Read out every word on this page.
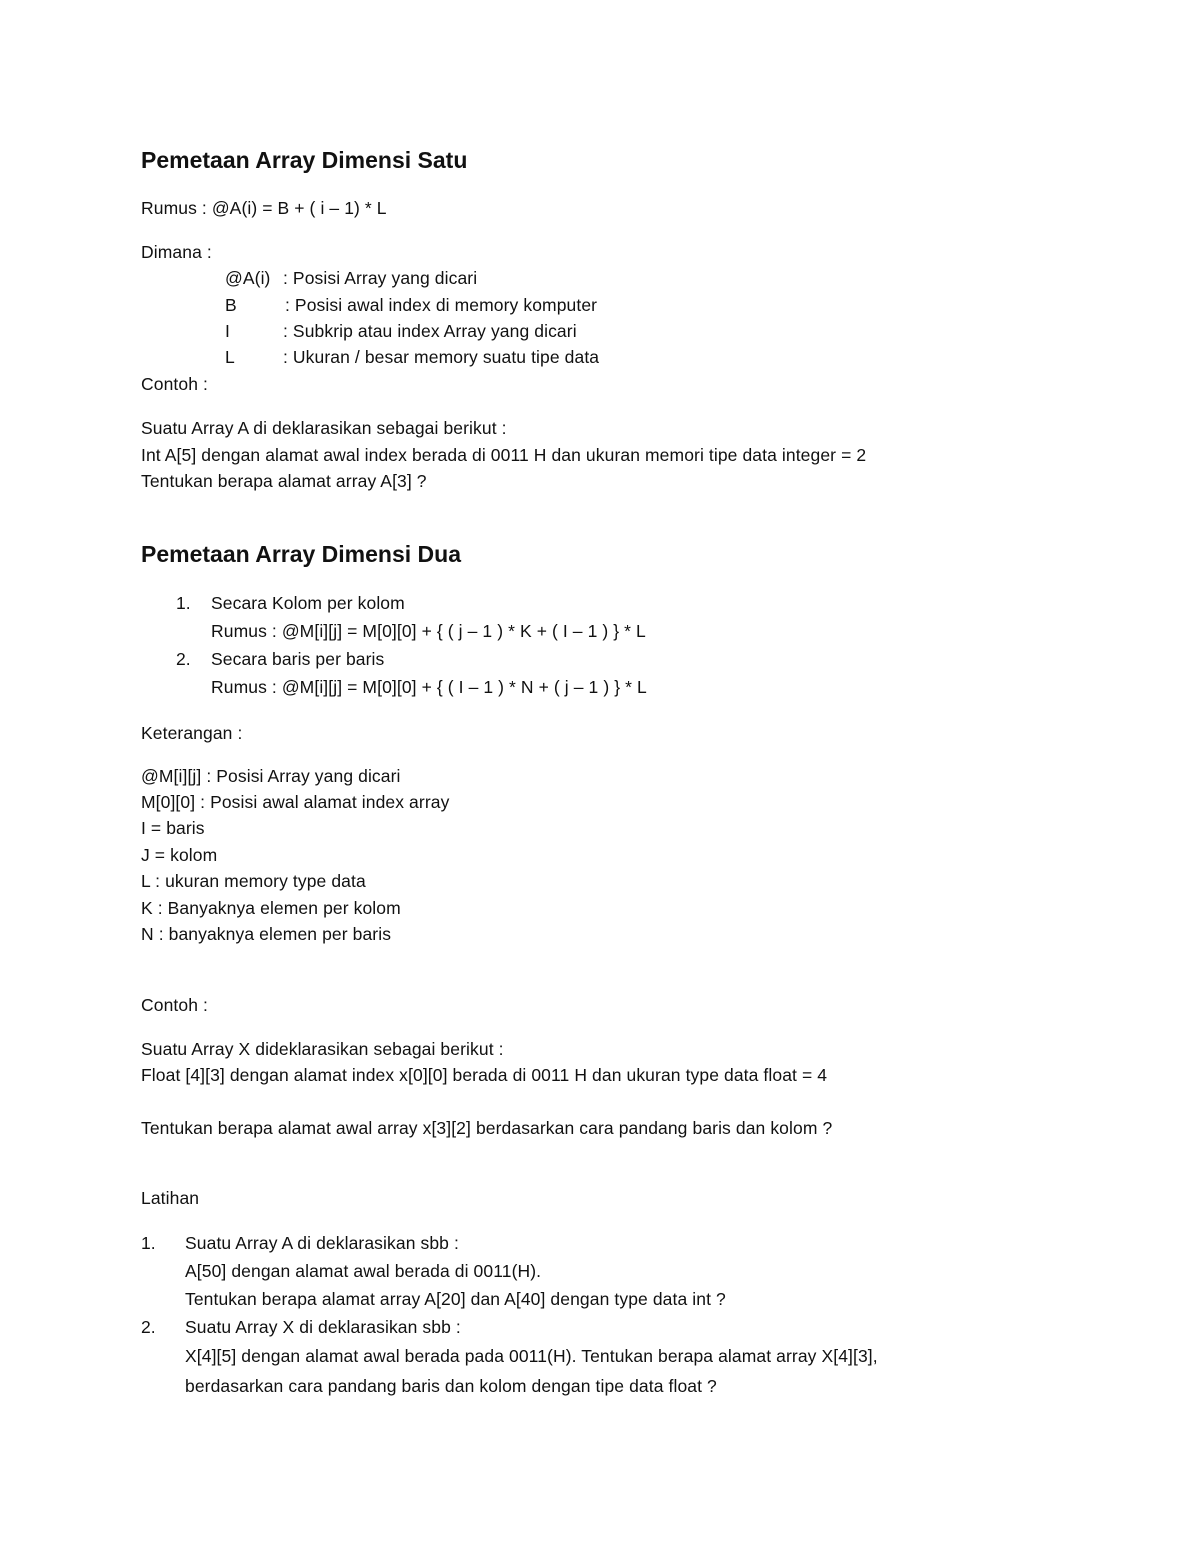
Pemetaan Array Dimensi Satu
Rumus : @A(i) = B + ( i – 1) * L
Dimana :
@A(i) : Posisi Array yang dicari
B	: Posisi awal index di memory komputer
I	: Subkrip atau index Array yang dicari
L	: Ukuran / besar memory suatu tipe data
Contoh :
Suatu Array A di deklarasikan sebagai berikut :
Int A[5] dengan alamat awal index berada di 0011 H dan ukuran memori tipe data integer = 2
Tentukan berapa alamat array A[3] ?
Pemetaan Array Dimensi Dua
1. Secara Kolom per kolom
Rumus : @M[i][j] = M[0][0] + { ( j – 1 ) * K + ( I – 1 ) } * L
2. Secara baris per baris
Rumus : @M[i][j] = M[0][0] + { ( I – 1 ) * N + ( j – 1 ) } * L
Keterangan :
@M[i][j] : Posisi Array yang dicari
M[0][0] : Posisi awal alamat index array
I = baris
J = kolom
L : ukuran memory type data
K : Banyaknya elemen per kolom
N : banyaknya elemen per baris
Contoh :
Suatu Array X dideklarasikan sebagai berikut :
Float [4][3] dengan alamat index x[0][0] berada di 0011 H dan ukuran type data float = 4
Tentukan berapa alamat awal array x[3][2] berdasarkan cara pandang baris dan kolom ?
Latihan
1. Suatu Array A di deklarasikan sbb :
A[50] dengan alamat awal berada di 0011(H).
Tentukan berapa alamat array A[20] dan A[40] dengan type data int ?
2. Suatu Array X di deklarasikan sbb :
X[4][5] dengan alamat awal berada pada 0011(H). Tentukan berapa alamat array X[4][3],
berdasarkan cara pandang baris dan kolom dengan tipe data float ?
